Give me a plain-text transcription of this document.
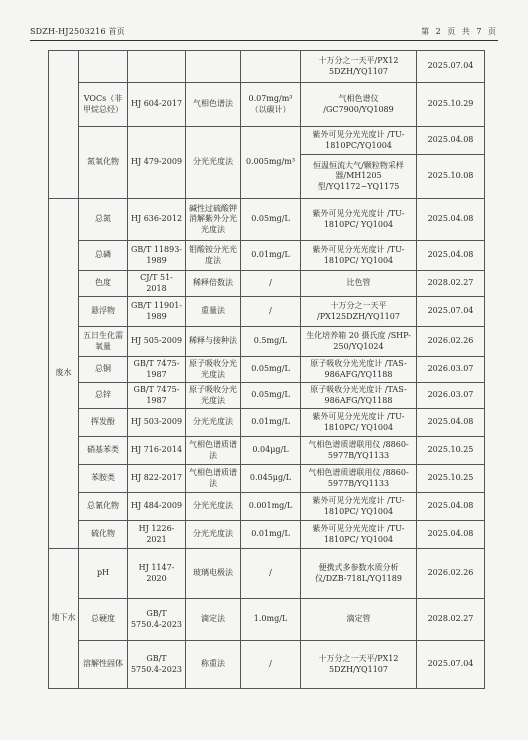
SDZH-HJ2503216 首页	第 2 页 共 7 页
					十万分之一天平/PX12 5DZH/YQ1107	2025.07.04
	VOCs（非甲烷总烃）	HJ 604-2017	气相色谱法	0.07mg/m³（以碳计）	气相色谱仪 /GC7900/YQ1089	2025.10.29
	氮氧化物	HJ 479-2009	分光光度法	0.005mg/m³	紫外可见分光光度计 /TU-1810PC/YQ1004	2025.04.08
					恒温恒流大气/颗粒物采样器/MH1205 型/YQ1172~YQ1175	2025.10.08
废水	总氮	HJ 636-2012	碱性过硫酸钾消解紫外分光光度法	0.05mg/L	紫外可见分光光度计 /TU-1810PC/ YQ1004	2025.04.08
	总磷	GB/T 11893-1989	钼酸铵分光光度法	0.01mg/L	紫外可见分光光度计 /TU-1810PC/ YQ1004	2025.04.08
	色度	CJ/T 51-2018	稀释倍数法	/	比色管	2028.02.27
	悬浮物	GB/T 11901-1989	重量法	/	十万分之一天平 /PX125DZH/YQ1107	2025.07.04
	五日生化需氧量	HJ 505-2009	稀释与接种法	0.5mg/L	生化培养箱 20 摄氏度 /SHP-250/YQ1024	2026.02.26
	总铜	GB/T 7475-1987	原子吸收分光光度法	0.05mg/L	原子吸收分光光度计 /TAS-986AFG/YQ1188	2026.03.07
	总锌	GB/T 7475-1987	原子吸收分光光度法	0.05mg/L	原子吸收分光光度计 /TAS-986AFG/YQ1188	2026.03.07
	挥发酚	HJ 503-2009	分光光度法	0.01mg/L	紫外可见分光光度计 /TU-1810PC/ YQ1004	2025.04.08
	硝基苯类	HJ 716-2014	气相色谱质谱法	0.04μg/L	气相色谱质谱联用仪 /8860-5977B/YQ1133	2025.10.25
	苯胺类	HJ 822-2017	气相色谱质谱法	0.045μg/L	气相色谱质谱联用仪 /8860-5977B/YQ1133	2025.10.25
	总氰化物	HJ 484-2009	分光光度法	0.001mg/L	紫外可见分光光度计 /TU-1810PC/ YQ1004	2025.04.08
	硫化物	HJ 1226-2021	分光光度法	0.01mg/L	紫外可见分光光度计 /TU-1810PC/ YQ1004	2025.04.08
地下水	pH	HJ 1147-2020	玻璃电极法	/	便携式多参数水质分析仪/DZB-718L/YQ1189	2026.02.26
	总硬度	GB/T 5750.4-2023	滴定法	1.0mg/L	滴定管	2028.02.27
	溶解性固体	GB/T 5750.4-2023	称重法	/	十万分之一天平/PX12 5DZH/YQ1107	2025.07.04
